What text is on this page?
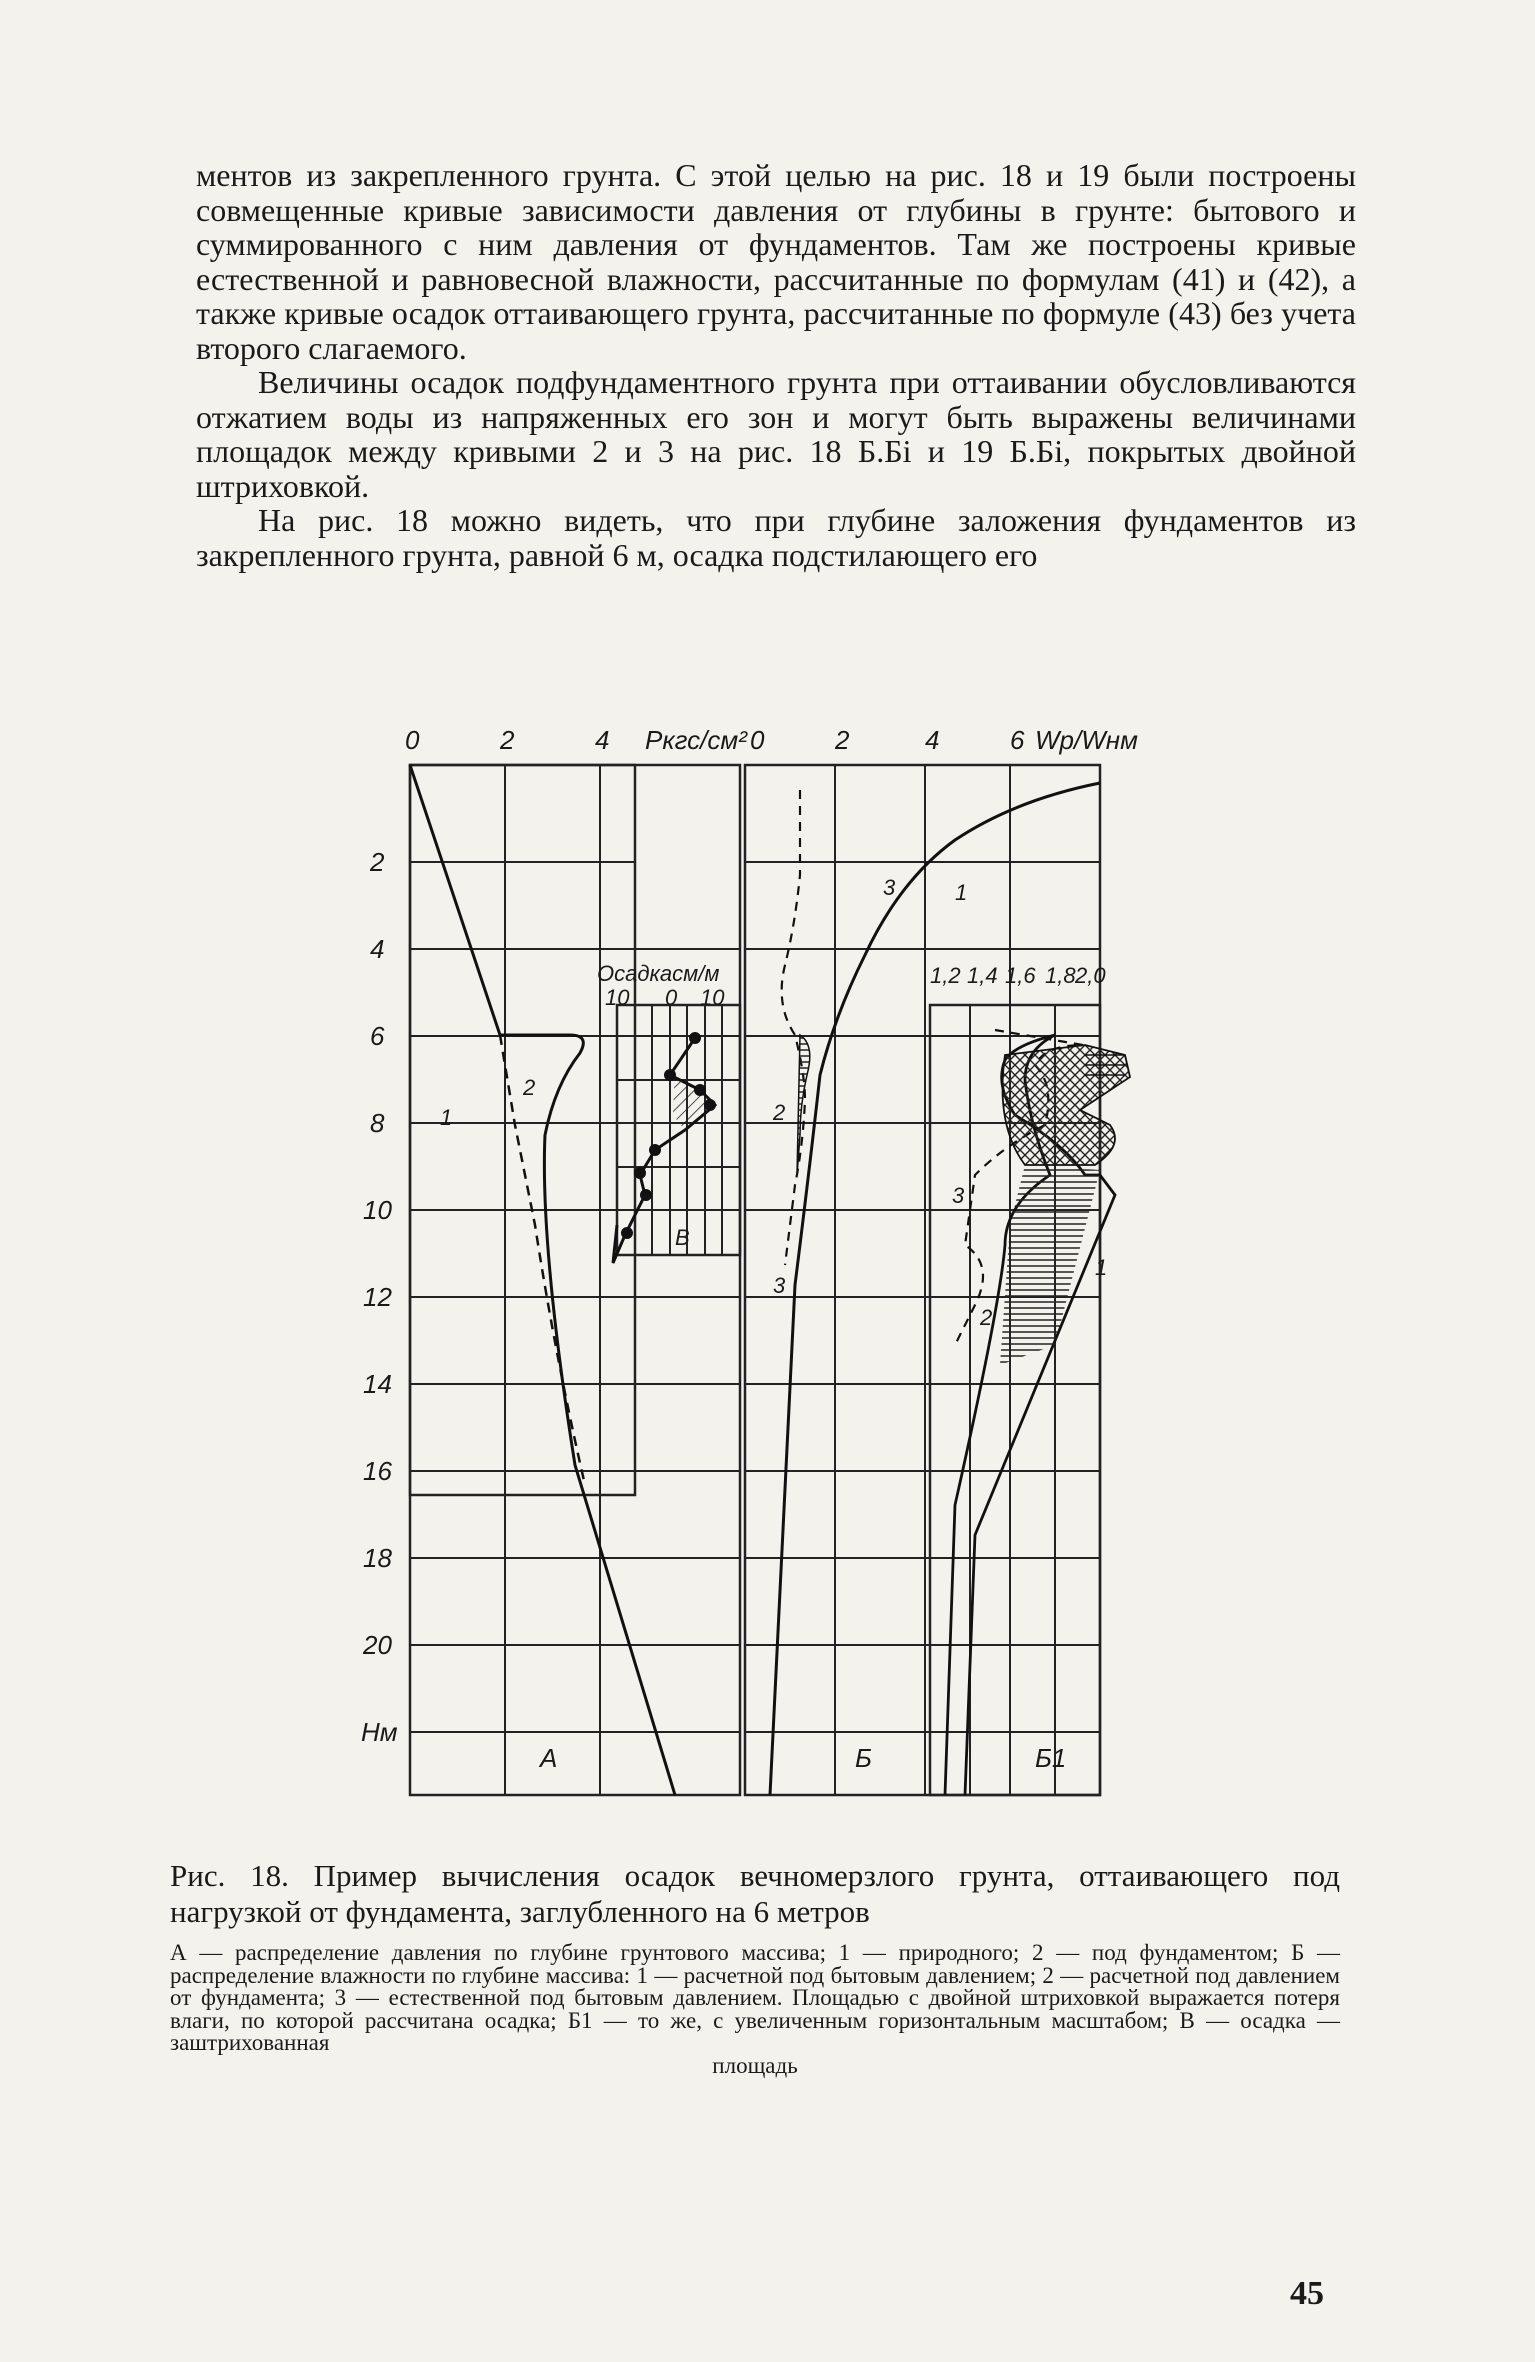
ментов из закрепленного грунта. С этой целью на рис. 18 и 19 были построены совмещенные кривые зависимости давления от глубины в грунте: бытового и суммированного с ним давления от фундаментов. Там же построены кривые естественной и равновесной влажности, рассчитанные по формулам (41) и (42), а также кривые осадок оттаивающего грунта, рассчитанные по формуле (43) без учета второго слагаемого.

Величины осадок подфундаментного грунта при оттаивании обусловливаются отжатием воды из напряженных его зон и могут быть выражены величинами площадок между кривыми 2 и 3 на рис. 18 Б.Бі и 19 Б.Бі, покрытых двойной штриховкой.

На рис. 18 можно видеть, что при глубине заложения фундаментов из закрепленного грунта, равной 6 м, осадка подстилающего его

0	2	4 Ркгс/см² 0	2	4	6 Wp/Wнм
2
4
6
8
10
12
14
16
18
20
Нм
Осадкасм/м
10 0 10
1,2 1,4 1,6 1,8 2,0
А	Б	Б1
В
1
2
3	1
2
3
3
1
2

Рис. 18. Пример вычисления осадок вечномерзлого грунта, оттаивающего под нагрузкой от фундамента, заглубленного на 6 метров

А — распределение давления по глубине грунтового массива; 1 — природного; 2 — под фундаментом; Б — распределение влажности по глубине массива: 1 — расчетной под бытовым давлением; 2 — расчетной под давлением от фундамента; 3 — естественной под бытовым давлением. Площадью с двойной штриховкой выражается потеря влаги, по которой рассчитана осадка; Б1 — то же, с увеличенным горизонтальным масштабом; В — осадка — заштрихованная
площадь

45
